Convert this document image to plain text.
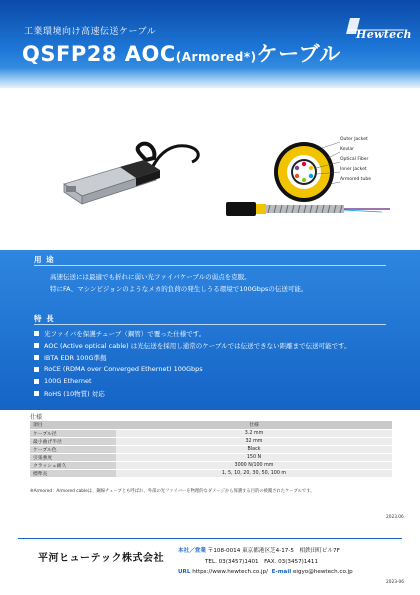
工業環境向け高速伝送ケーブル
QSFP28 AOC(Armored*)ケーブル
Hewtech
Outer Jacket
Kevlar
Optical Fiber
Inner Jacket
Armored tube
用 途
高速伝送には最適でも折れに弱い光ファイバケーブルの弱点を克服。
特にFA、マシンビジョンのようなメカ的負荷の発生しうる環境で100Gbpsの伝送可能。
特 長
光ファイバを保護チューブ（鋼管）で覆った仕様です。
AOC (Active optical cable) は光伝送を採用し通常のケーブルでは伝送できない距離まで伝送可能です。
IBTA EDR 100G準拠
RoCE (RDMA over Converged Ethernet) 100Gbps
100G Ethernet
RoHS (10物質) 対応
仕様
項目	仕様
ケーブル径	3.2 mm
最小曲げ半径	32 mm
ケーブル色	Black
引張強度	150 N
クラッシュ耐久	3000 N/100 mm
標準長	1, 5, 10, 20, 30, 50, 100 m
※Armored：Armored cableは、鋼線チューブとも呼ばれ、外部の光ファイバーを物理的なダメージから保護する目的の被覆されたケーブルです。
2023.06
平河ヒューテック株式会社
本社／営業 〒108-0014 東京都港区芝4-17-5　相鉄田町ビル7F
TEL. 03(3457)1401　FAX. 03(3457)1411
URL https://www.hewtech.co.jp/ E-mail eigyo@hewtech.co.jp
2023-06
